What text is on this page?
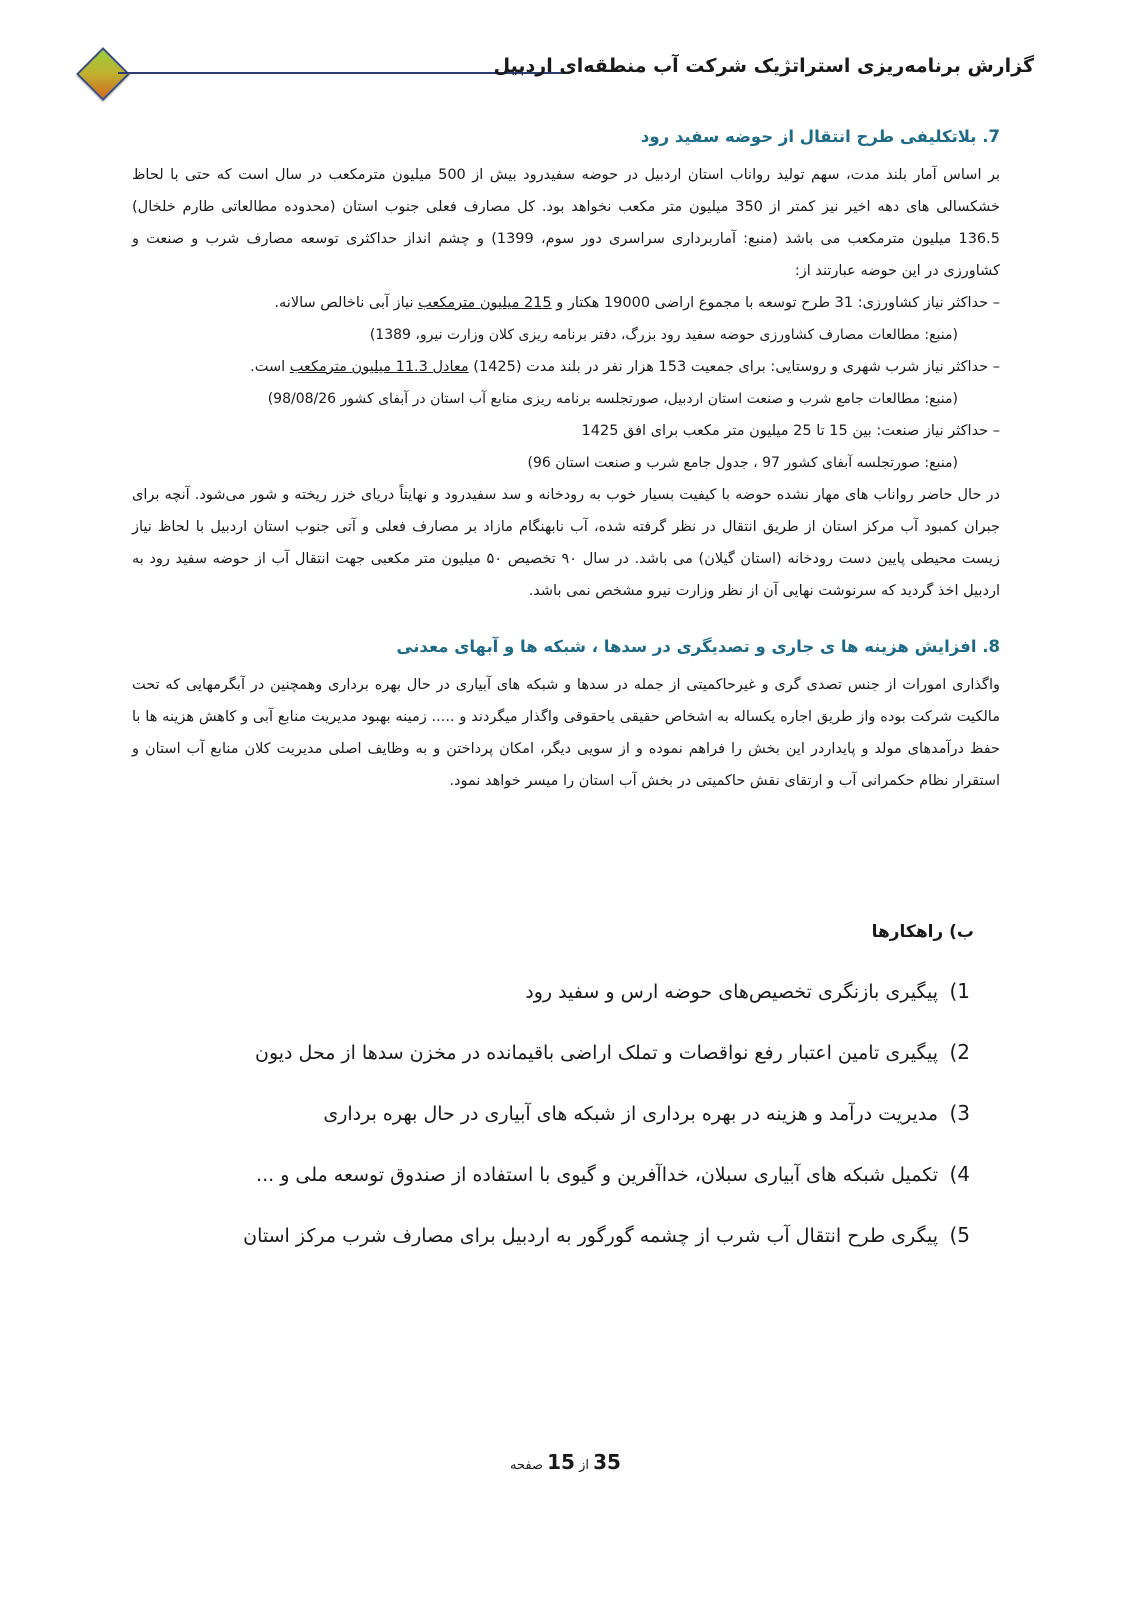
گزارش برنامه‌ریزی استراتژیک شرکت آب منطقه‌ای اردبیل
7. بلاتکلیفی طرح انتقال از حوضه سفید رود

بر اساس آمار بلند مدت، سهم تولید رواناب استان اردبیل در حوضه سفیدرود بیش از 500 میلیون مترمکعب در سال است که حتی با لحاظ خشکسالی های دهه اخیر نیز کمتر از 350 میلیون متر مکعب نخواهد بود. کل مصارف فعلی جنوب استان (محدوده مطالعاتی طارم خلخال) 136.5 میلیون مترمکعب می باشد (منبع: آماربرداری سراسری دور سوم، 1399) و چشم انداز حداکثری توسعه مصارف شرب و صنعت و کشاورزی در این حوضه عبارتند از:

– حداکثر نیاز کشاورزی: 31 طرح توسعه با مجموع اراضی 19000 هکتار و 215 میلیون مترمکعب نیاز آبی ناخالص سالانه.

(منبع: مطالعات مصارف کشاورزی حوضه سفید رود بزرگ، دفتر برنامه ریزی کلان وزارت نیرو، 1389)

– حداکثر نیاز شرب شهری و روستایی: برای جمعیت 153 هزار نفر در بلند مدت (1425) معادل 11.3 میلیون مترمکعب است.

(منبع: مطالعات جامع شرب و صنعت استان اردبیل، صورتجلسه برنامه ریزی منابع آب استان در آبفای کشور 98/08/26)

– حداکثر نیاز صنعت: بین 15 تا 25 میلیون متر مکعب برای افق 1425

(منبع: صورتجلسه آبفای کشور 97 ، جدول جامع شرب و صنعت استان 96)

در حال حاضر رواناب های مهار نشده حوضه با کیفیت بسیار خوب به رودخانه و سد سفیدرود و نهایتاً دریای خزر ریخته و شور می‌شود. آنچه برای جبران کمبود آب مرکز استان از طریق انتقال در نظر گرفته شده، آب نابهنگام مازاد بر مصارف فعلی و آتی جنوب استان اردبیل با لحاظ نیاز زیست محیطی پایین دست رودخانه (استان گیلان) می باشد. در سال ۹۰ تخصیص ۵۰ میلیون متر مکعبی جهت انتقال آب از حوضه سفید رود به اردبیل اخذ گردید که سرنوشت نهایی آن از نظر وزارت نیرو مشخص نمی باشد.

8. افزایش هزینه ها ی جاری و تصدیگری در سدها ، شبکه ها و آبهای معدنی

واگذاری امورات از جنس تصدی گری و غیرحاکمیتی از جمله در سدها و شبکه های آبیاری در حال بهره برداری وهمچنین در آبگرمهایی که تحت مالکیت شرکت بوده واز طریق اجاره یکساله به اشخاص حقیقی یاحقوقی واگذار میگردند و ..... زمینه بهبود مدیریت منابع آبی و کاهش هزینه ها با حفظ درآمدهای مولد و پایداردر این بخش را فراهم نموده و از سویی دیگر، امکان پرداختن و به وظایف اصلی مدیریت کلان منابع آب استان و استقرار نظام حکمرانی آب و ارتقای نقش حاکمیتی در بخش آب استان را میسر خواهد نمود.

ب) راهکارها
1)
پیگیری بازنگری تخصیص‌های حوضه ارس و سفید رود
2)
پیگیری تامین اعتبار رفع نواقصات و تملک اراضی باقیمانده در مخزن سدها از محل دیون
3)
مدیریت درآمد و هزینه در بهره برداری از شبکه های آبیاری در حال بهره برداری
4)
تکمیل شبکه های آبیاری سبلان، خداآفرین و گیوی با استفاده از صندوق توسعه ملی و ...
5)
پیگری طرح انتقال آب شرب از چشمه گورگور به اردبیل برای مصارف شرب مرکز استان
35 از 15 صفحه
